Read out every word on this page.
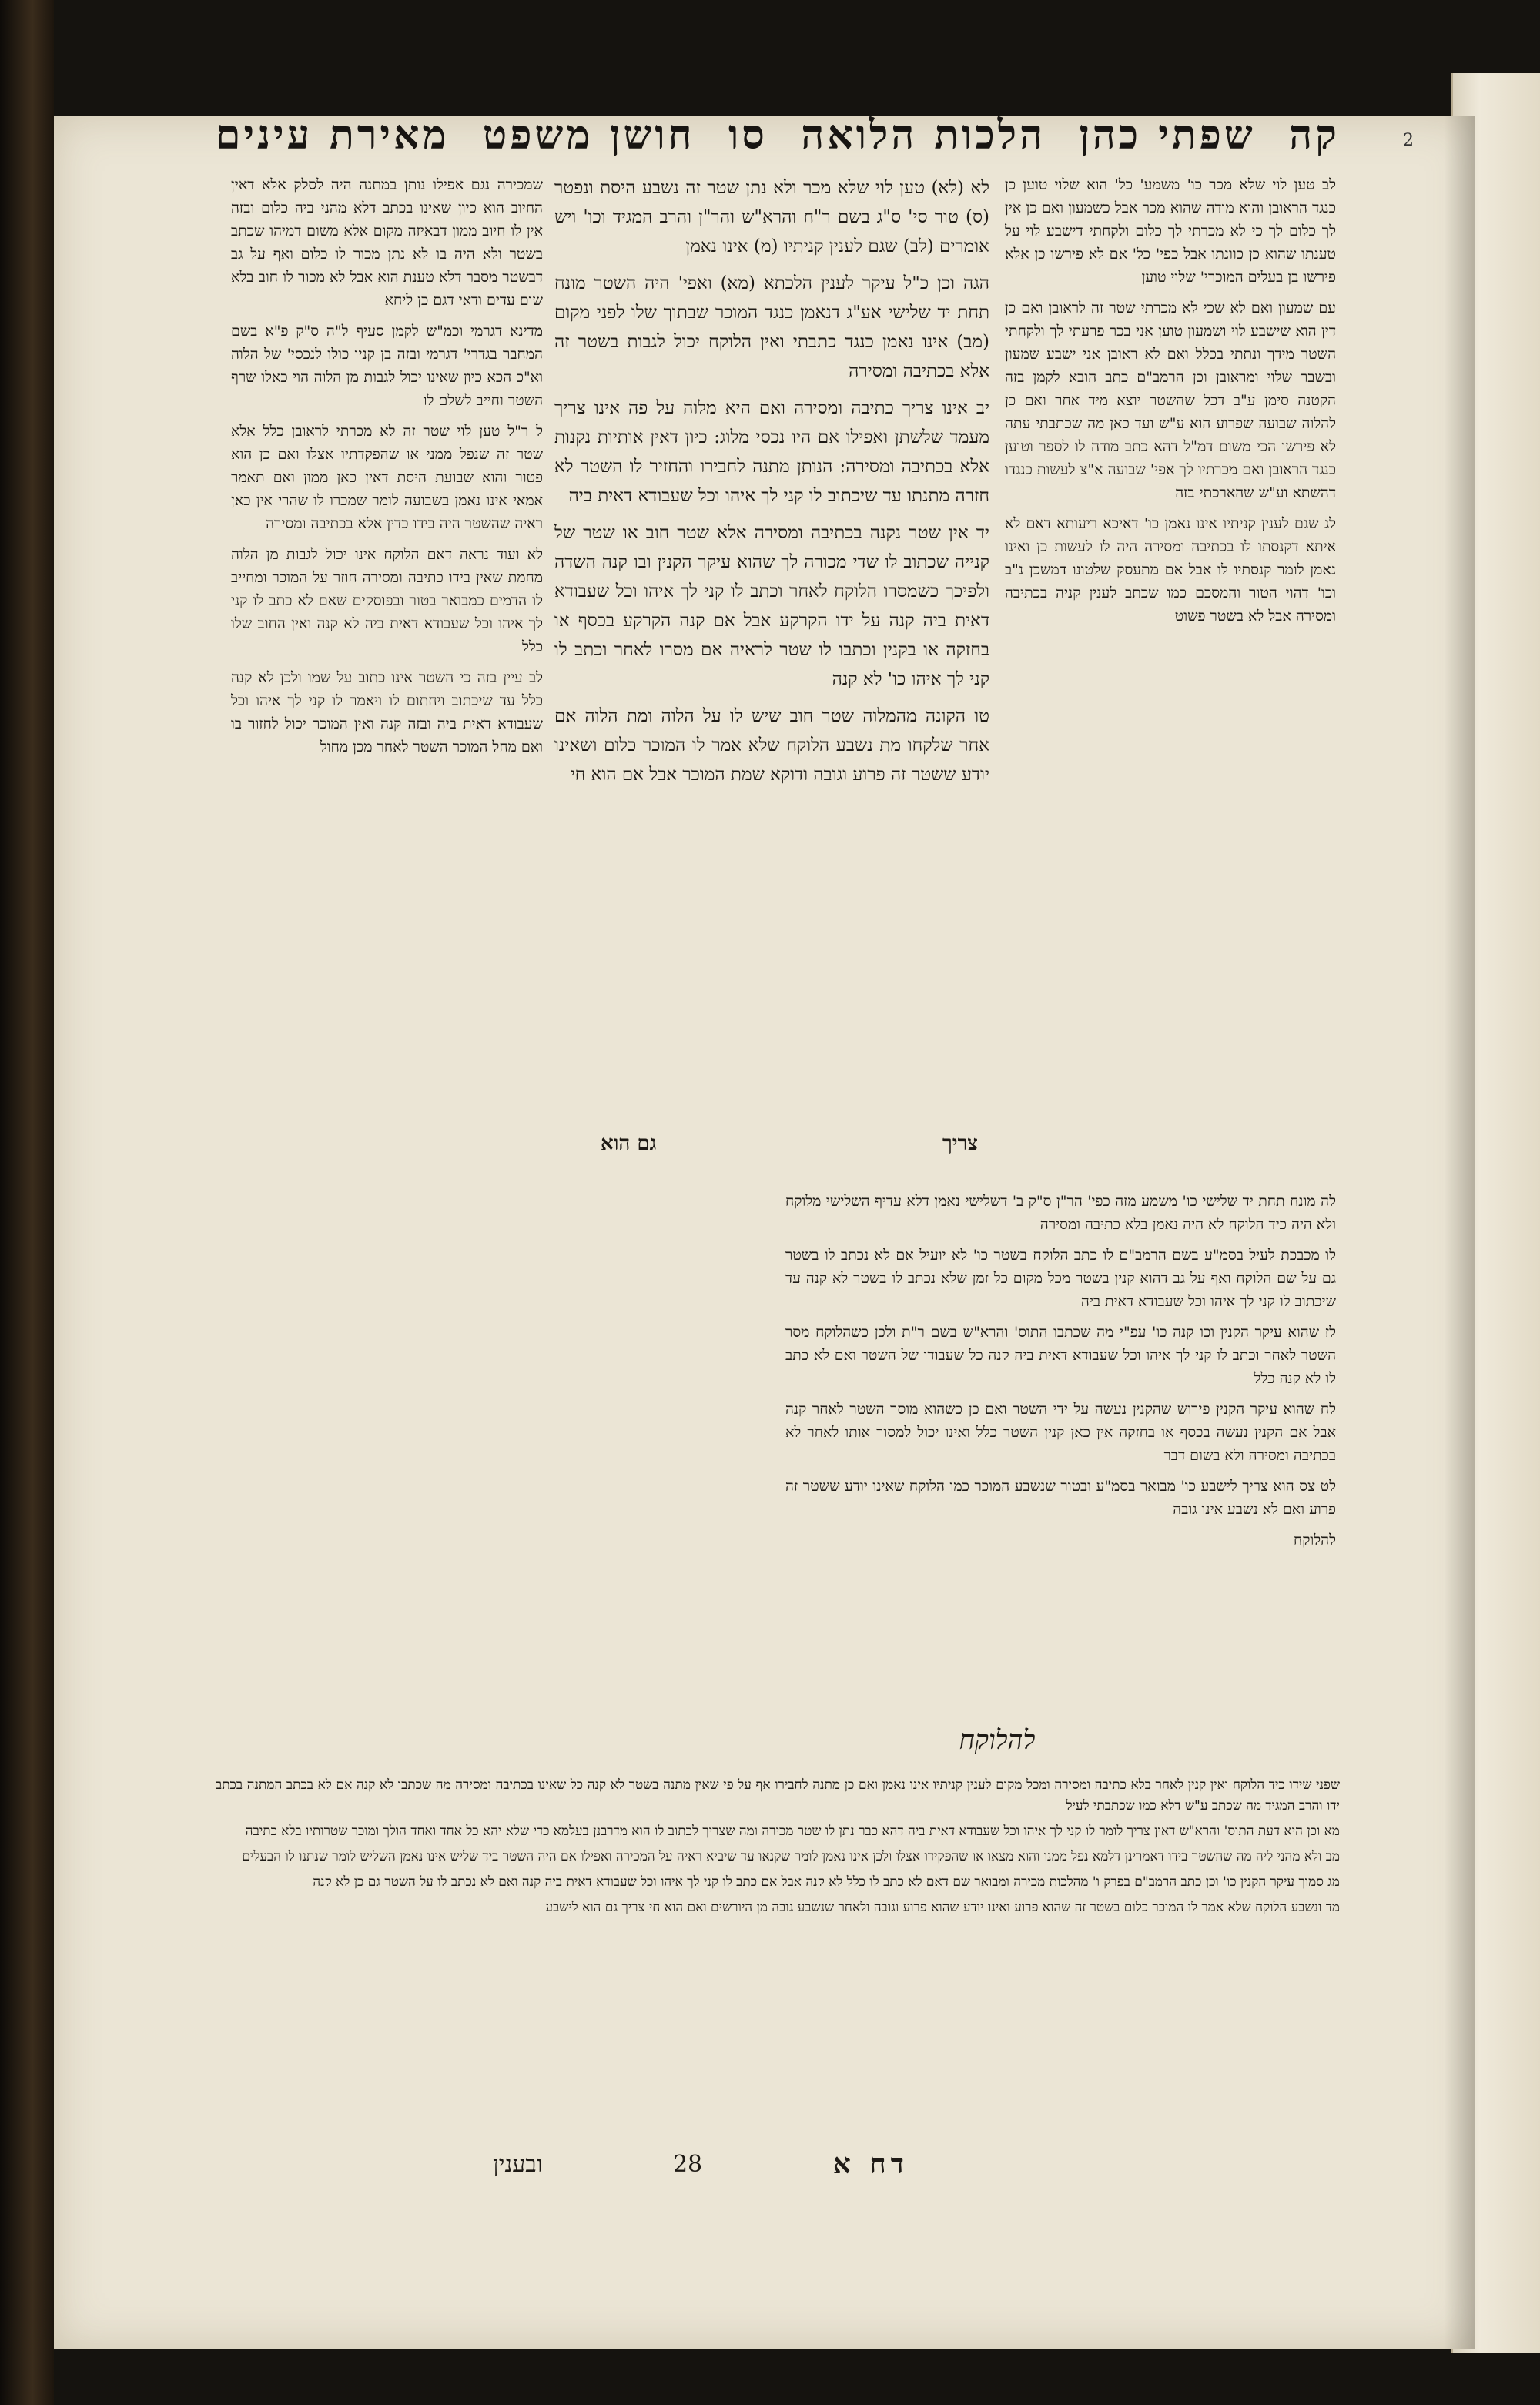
2
מאירת עינים חושן משפט סו הלכות הלואה שפתי כהן קה

לב טען לוי שלא מכר כו' משמע' כל' הוא שלוי טוען כן כנגד הראובן והוא מודה שהוא מכר אבל כשמעון ואם כן אין לך כלום לך כי לא מכרתי לך כלום ולקחתי דישבע לוי על טענתו שהוא כן כוונתו אבל כפי' כל' אם לא פירשו כן אלא פירשו בן בעלים המוכרי' שלוי טוען

עם שמעון ואם לא שכי לא מכרתי שטר זה לראובן ואם כן דין הוא שישבע לוי ושמעון טוען אני בכר פרעתי לך ולקחתי השטר מידך ונתתי בכלל ואם לא ראובן אני ישבע שמעון ובשבר שלוי ומראובן וכן הרמב"ם כתב הובא לקמן בזה הקטנה סימן ע"ב דכל שהשטר יוצא מיד אחר ואם כן להלוה שבועה שפרוע הוא ע"ש ועד כאן מה שכתבתי עתה לא פירשו הכי משום דמ"ל דהא כתב מודה לו לספר וטוען כנגד הראובן ואם מכרתיו לך אפי' שבועה א"צ לעשות כנגדו דהשתא וע"ש שהארכתי בזה

לג שגם לענין קניתיו אינו נאמן כו' דאיכא ריעותא דאם לא איתא דקנסתו לו בכתיבה ומסירה היה לו לעשות כן ואינו נאמן לומר קנסתיו לו אבל אם מתעסק שלטונו דמשכן נ"ב וכו' דהוי הטור והמסכם כמו שכתב לענין קניה בכתיבה ומסירה אבל לא בשטר פשוט

לא (לא) טען לוי שלא מכר ולא נתן שטר זה נשבע היסת ונפטר (ס) טור סי' ס"ג בשם ר"ח והרא"ש והר"ן והרב המגיד וכו' ויש אומרים (לב) שגם לענין קניתיו (מ) אינו נאמן

הגה וכן כ"ל עיקר לענין הלכתא (מא) ואפי' היה השטר מונח תחת יד שלישי אע"ג דנאמן כנגד המוכר שבתוך שלו לפני מקום (מב) אינו נאמן כנגד כתבתי ואין הלוקח יכול לגבות בשטר זה אלא בכתיבה ומסירה

יב אינו צריך כתיבה ומסירה ואם היא מלוה על פה אינו צריך מעמד שלשתן ואפילו אם היו נכסי מלוג: כיון דאין אותיות נקנות אלא בכתיבה ומסירה: הנותן מתנה לחבירו והחזיר לו השטר לא חזרה מתנתו עד שיכתוב לו קני לך איהו וכל שעבודא דאית ביה

יד אין שטר נקנה בכתיבה ומסירה אלא שטר חוב או שטר של קנייה שכתוב לו שדי מכורה לך שהוא עיקר הקנין ובו קנה השדה ולפיכך כשמסרו הלוקח לאחר וכתב לו קני לך איהו וכל שעבודא דאית ביה קנה על ידו הקרקע אבל אם קנה הקרקע בכסף או בחזקה או בקנין וכתבו לו שטר לראיה אם מסרו לאחר וכתב לו קני לך איהו כו' לא קנה

טו הקונה מהמלוה שטר חוב שיש לו על הלוה ומת הלוה אם אחר שלקחו מת נשבע הלוקח שלא אמר לו המוכר כלום ושאינו יודע ששטר זה פרוע וגובה ודוקא שמת המוכר אבל אם הוא חי

צריך
גם הוא

שמכירה נגם אפילו נותן במתנה היה לסלק אלא דאין החיוב הוא כיון שאינו בכתב דלא מהני ביה כלום ובזה אין לו חיוב ממון דבאיזה מקום אלא משום דמיהו שכתב בשטר ולא היה בו לא נתן מכור לו כלום ואף על גב דבשטר מסבר דלא טענת הוא אבל לא מכור לו חוב בלא שום עדים ודאי דגם כן ליחא

מדינא דגרמי וכמ"ש לקמן סעיף ל"ה ס"ק פ"א בשם המחבר בגדרי' דגרמי ובזה בן קניו כולו לנכסי' של הלוה וא"כ הכא כיון שאינו יכול לגבות מן הלוה הוי כאלו שרף השטר וחייב לשלם לו

ל ר"ל טען לוי שטר זה לא מכרתי לראובן כלל אלא שטר זה שנפל ממני או שהפקדתיו אצלו ואם כן הוא פטור והוא שבועת היסת דאין כאן ממון ואם תאמר אמאי אינו נאמן בשבועה לומר שמכרו לו שהרי אין כאן ראיה שהשטר היה בידו כדין אלא בכתיבה ומסירה

לא ועוד נראה דאם הלוקח אינו יכול לגבות מן הלוה מחמת שאין בידו כתיבה ומסירה חוזר על המוכר ומחייב לו הדמים כמבואר בטור ובפוסקים שאם לא כתב לו קני לך איהו וכל שעבודא דאית ביה לא קנה ואין החוב שלו כלל

לב עיין בזה כי השטר אינו כתוב על שמו ולכן לא קנה כלל עד שיכתוב ויחתום לו ויאמר לו קני לך איהו וכל שעבודא דאית ביה ובזה קנה ואין המוכר יכול לחזור בו ואם מחל המוכר השטר לאחר מכן מחול

לה מונח תחת יד שלישי כו' משמע מזה כפי' הר"ן ס"ק ב' דשלישי נאמן דלא עדיף השלישי מלוקח ולא היה כיד הלוקח לא היה נאמן בלא כתיבה ומסירה

לו מכבכת לעיל בסמ"ע בשם הרמב"ם לו כתב הלוקח בשטר כו' לא יועיל אם לא נכתב לו בשטר גם על שם הלוקח ואף על גב דהוא קנין בשטר מכל מקום כל זמן שלא נכתב לו בשטר לא קנה עד שיכתוב לו קני לך איהו וכל שעבודא דאית ביה

לז שהוא עיקר הקנין וכו קנה כו' עפ"י מה שכתבו התוס' והרא"ש בשם ר"ת ולכן כשהלוקח מסר השטר לאחר וכתב לו קני לך איהו וכל שעבודא דאית ביה קנה כל שעבודו של השטר ואם לא כתב לו לא קנה כלל

לח שהוא עיקר הקנין פירוש שהקנין נעשה על ידי השטר ואם כן כשהוא מוסר השטר לאחר קנה אבל אם הקנין נעשה בכסף או בחזקה אין כאן קנין השטר כלל ואינו יכול למסור אותו לאחר לא בכתיבה ומסירה ולא בשום דבר

לט צס הוא צריך לישבע כו' מבואר בסמ"ע ובטור שנשבע המוכר כמו הלוקח שאינו יודע ששטר זה פרוע ואם לא נשבע אינו גובה

להלוקח

להלוקח

שפני שידו כיד הלוקח ואין קנין לאחר בלא כתיבה ומסירה ומכל מקום לענין קניתיו אינו נאמן ואם כן מתנה לחבירו אף על פי שאין מתנה בשטר לא קנה כל שאינו בכתיבה ומסירה מה שכתבו לא קנה אם לא בכתב המתנה בכתב ידו והרב המגיד מה שכתב ע"ש דלא כמו שכתבתי לעיל

מא וכן היא דעת התוס' והרא"ש דאין צריך לומר לו קני לך איהו וכל שעבודא דאית ביה דהא כבר נתן לו שטר מכירה ומה שצריך לכתוב לו הוא מדרבנן בעלמא כדי שלא יהא כל אחד ואחד הולך ומוכר שטרותיו בלא כתיבה

מב ולא מהני ליה מה שהשטר בידו דאמרינן דלמא נפל ממנו והוא מצאו או שהפקידו אצלו ולכן אינו נאמן לומר שקנאו עד שיביא ראיה על המכירה ואפילו אם היה השטר ביד שליש אינו נאמן השליש לומר שנתנו לו הבעלים

מג סמוך עיקר הקנין כו' וכן כתב הרמב"ם בפרק ו' מהלכות מכירה ומבואר שם דאם לא כתב לו כלל לא קנה אבל אם כתב לו קני לך איהו וכל שעבודא דאית ביה קנה ואם לא נכתב לו על השטר גם כן לא קנה

מד ונשבע הלוקח שלא אמר לו המוכר כלום בשטר זה שהוא פרוע ואינו יודע שהוא פרוע וגובה ולאחר שנשבע גובה מן היורשים ואם הוא חי צריך גם הוא לישבע

דח א
28
ובענין
